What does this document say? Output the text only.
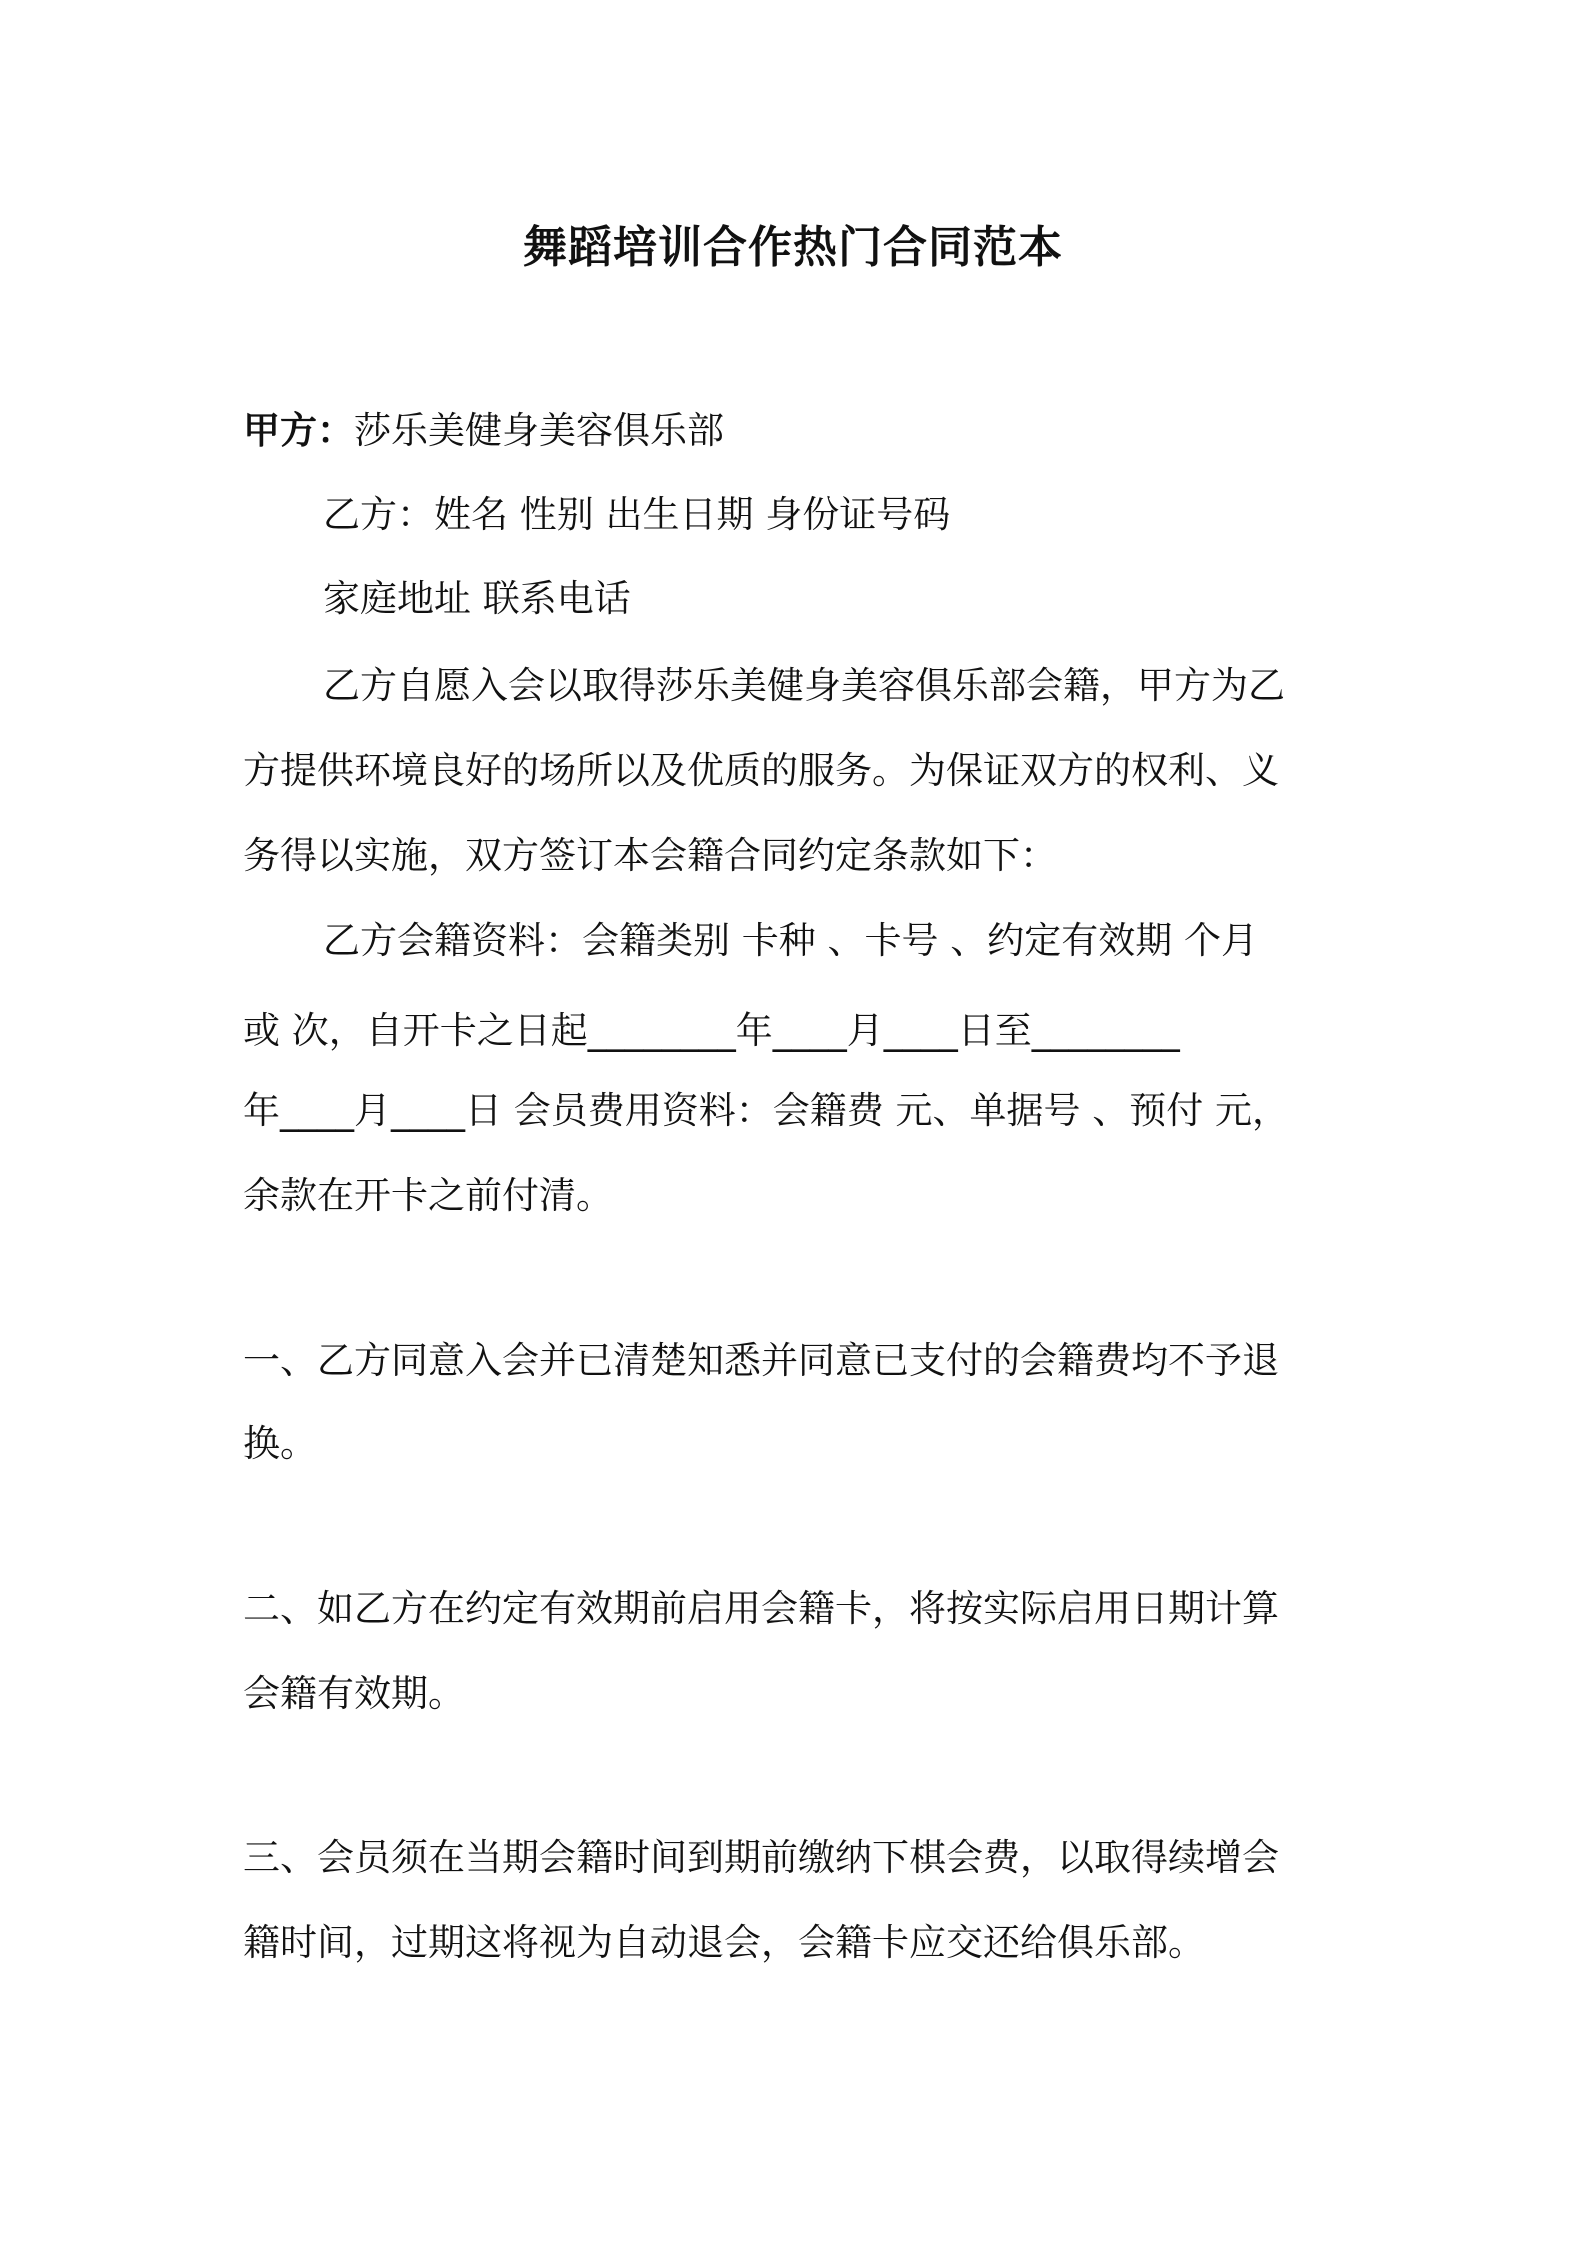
舞蹈培训合作热门合同范本
甲方：莎乐美健身美容俱乐部
乙方：姓名 性别 出生日期 身份证号码
家庭地址 联系电话
乙方自愿入会以取得莎乐美健身美容俱乐部会籍，甲方为乙
方提供环境良好的场所以及优质的服务。为保证双方的权利、义
务得以实施，双方签订本会籍合同约定条款如下：
乙方会籍资料：会籍类别 卡种 、卡号 、约定有效期 个月
或 次，自开卡之日起________年____月____日至________
年____月____日 会员费用资料：会籍费 元、单据号 、预付 元，
余款在开卡之前付清。
一、乙方同意入会并已清楚知悉并同意已支付的会籍费均不予退
换。
二、如乙方在约定有效期前启用会籍卡，将按实际启用日期计算
会籍有效期。
三、会员须在当期会籍时间到期前缴纳下棋会费，以取得续增会
籍时间，过期这将视为自动退会，会籍卡应交还给俱乐部。
